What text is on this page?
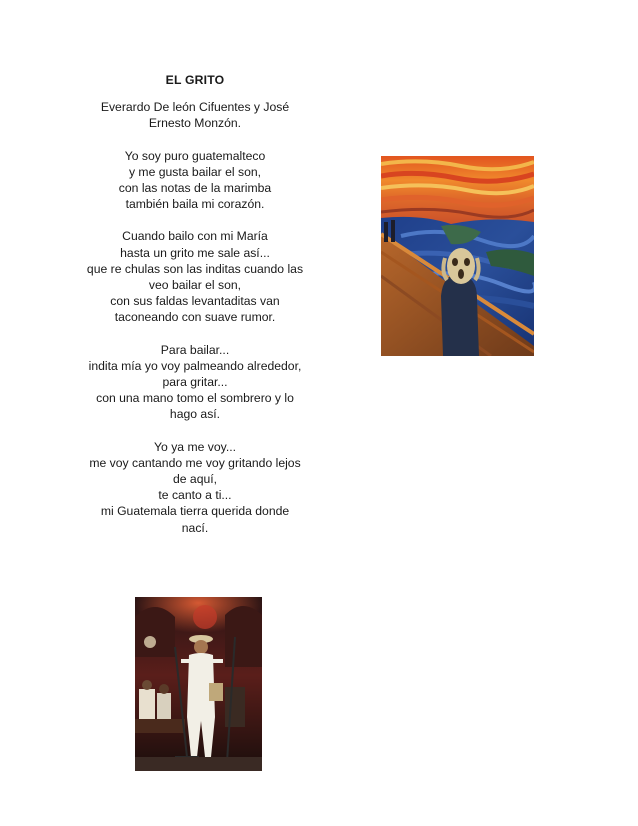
EL GRITO
Everardo De león Cifuentes y José Ernesto Monzón.
Yo soy puro guatemalteco
y me gusta bailar el son,
con las notas de la marimba
también baila mi corazón.
Cuando bailo con mi María
hasta un grito me sale así...
que re chulas son las inditas cuando las veo bailar el son,
con sus faldas levantaditas van taconeando con suave rumor.
Para bailar...
indita mía yo voy palmeando alrededor,
para gritar...
con una mano tomo el sombrero y lo hago así.
Yo ya me voy...
me voy cantando me voy gritando lejos de aquí,
te canto a ti...
mi Guatemala tierra querida donde nací.
